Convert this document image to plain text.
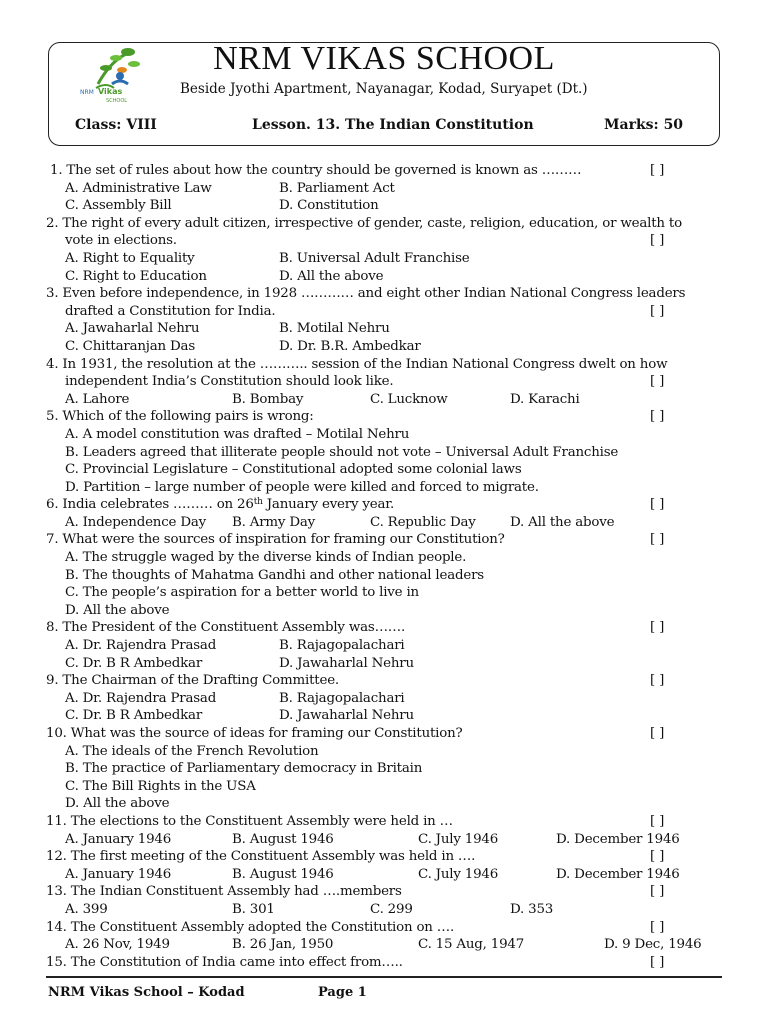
NRM Vikas
SCHOOL
NRM VIKAS SCHOOL
Beside Jyothi Apartment, Nayanagar, Kodad, Suryapet (Dt.)
Class: VIII	Lesson. 13. The Indian Constitution	Marks: 50
1. The set of rules about how the country should be governed is known as ………	[ ]
A. Administrative Law	B. Parliament Act
C. Assembly Bill	D. Constitution
2. The right of every adult citizen, irrespective of gender, caste, religion, education, or wealth to
vote in elections.	[ ]
A. Right to Equality	B. Universal Adult Franchise
C. Right to Education	D. All the above
3. Even before independence, in 1928 ………… and eight other Indian National Congress leaders
drafted a Constitution for India.	[ ]
A. Jawaharlal Nehru	B. Motilal Nehru
C. Chittaranjan Das	D. Dr. B.R. Ambedkar
4. In 1931, the resolution at the ……….. session of the Indian National Congress dwelt on how
independent India’s Constitution should look like.	[ ]
A. Lahore	B. Bombay	C. Lucknow	D. Karachi
5. Which of the following pairs is wrong:	[ ]
A. A model constitution was drafted – Motilal Nehru
B. Leaders agreed that illiterate people should not vote – Universal Adult Franchise
C. Provincial Legislature – Constitutional adopted some colonial laws
D. Partition – large number of people were killed and forced to migrate.
6. India celebrates ……… on 26th January every year.	[ ]
A. Independence Day B. Army Day	C. Republic Day	D. All the above
7. What were the sources of inspiration for framing our Constitution?	[ ]
A. The struggle waged by the diverse kinds of Indian people.
B. The thoughts of Mahatma Gandhi and other national leaders
C. The people’s aspiration for a better world to live in
D. All the above
8. The President of the Constituent Assembly was…….	[ ]
A. Dr. Rajendra Prasad	B. Rajagopalachari
C. Dr. B R Ambedkar	D. Jawaharlal Nehru
9. The Chairman of the Drafting Committee.	[ ]
A. Dr. Rajendra Prasad	B. Rajagopalachari
C. Dr. B R Ambedkar	D. Jawaharlal Nehru
10. What was the source of ideas for framing our Constitution?	[ ]
A. The ideals of the French Revolution
B. The practice of Parliamentary democracy in Britain
C. The Bill Rights in the USA
D. All the above
11. The elections to the Constituent Assembly were held in …	[ ]
A. January 1946	B. August 1946	C. July 1946	D. December 1946
12. The first meeting of the Constituent Assembly was held in ….	[ ]
A. January 1946	B. August 1946	C. July 1946	D. December 1946
13. The Indian Constituent Assembly had ….members	[ ]
A. 399	B. 301	C. 299	D. 353
14. The Constituent Assembly adopted the Constitution on ….	[ ]
A. 26 Nov, 1949	B. 26 Jan, 1950	C. 15 Aug, 1947	D. 9 Dec, 1946
15. The Constitution of India came into effect from…..	[ ]
NRM Vikas School – Kodad	Page 1
